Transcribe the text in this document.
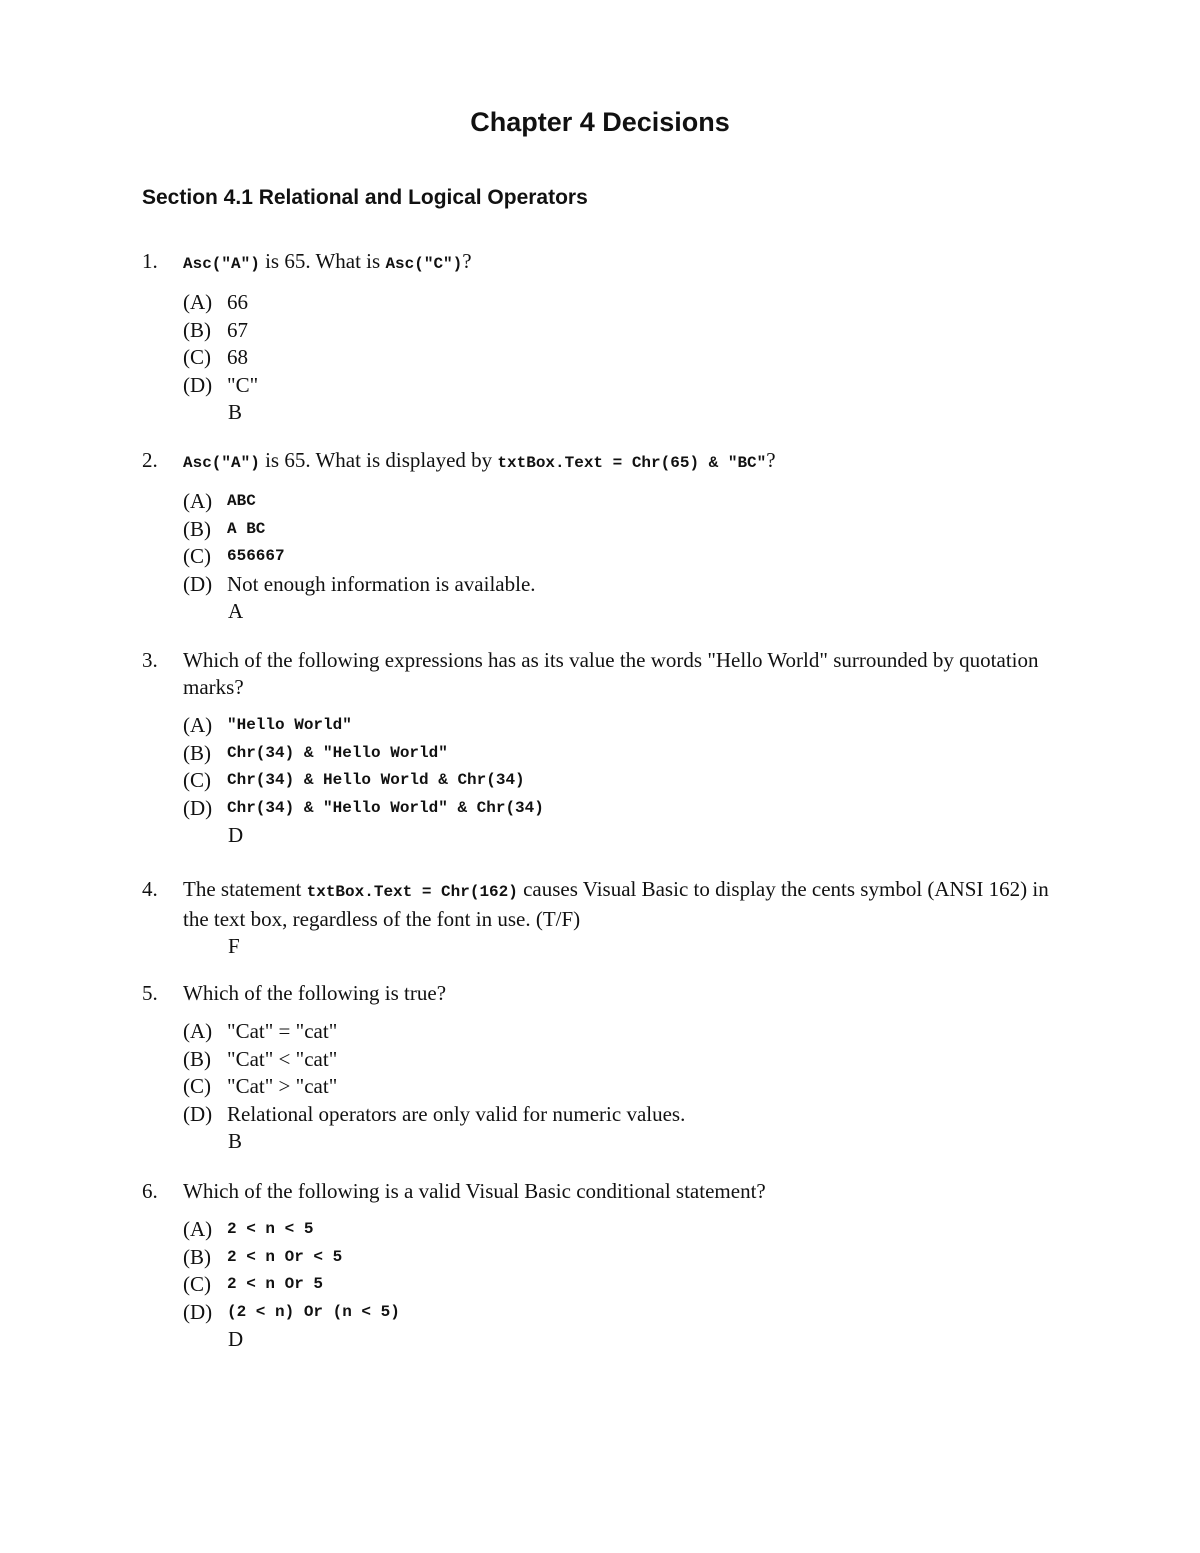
Chapter 4 Decisions
Section 4.1 Relational and Logical Operators
1.	Asc("A") is 65. What is Asc("C")?
(A) 66
(B) 67
(C) 68
(D) "C"
B
2.	Asc("A") is 65. What is displayed by txtBox.Text = Chr(65) & "BC"?
(A) ABC
(B)	A BC
(C)	656667
(D) Not enough information is available.
A
3.	Which of the following expressions has as its value the words "Hello World" surrounded by quotation marks?
(A) "Hello World"
(B)	Chr(34) & "Hello World"
(C)	Chr(34) & Hello World & Chr(34)
(D) Chr(34) & "Hello World" & Chr(34)
D
4.	The statement txtBox.Text = Chr(162) causes Visual Basic to display the cents symbol (ANSI 162) in the text box, regardless of the font in use. (T/F)
F
5.	Which of the following is true?
(A) "Cat" = "cat"
(B) "Cat" < "cat"
(C) "Cat" > "cat"
(D) Relational operators are only valid for numeric values.
B
6.	Which of the following is a valid Visual Basic conditional statement?
(A) 2 < n < 5
(B)	2 < n Or < 5
(C)	2 < n Or 5
(D) (2 < n) Or (n < 5)
D
